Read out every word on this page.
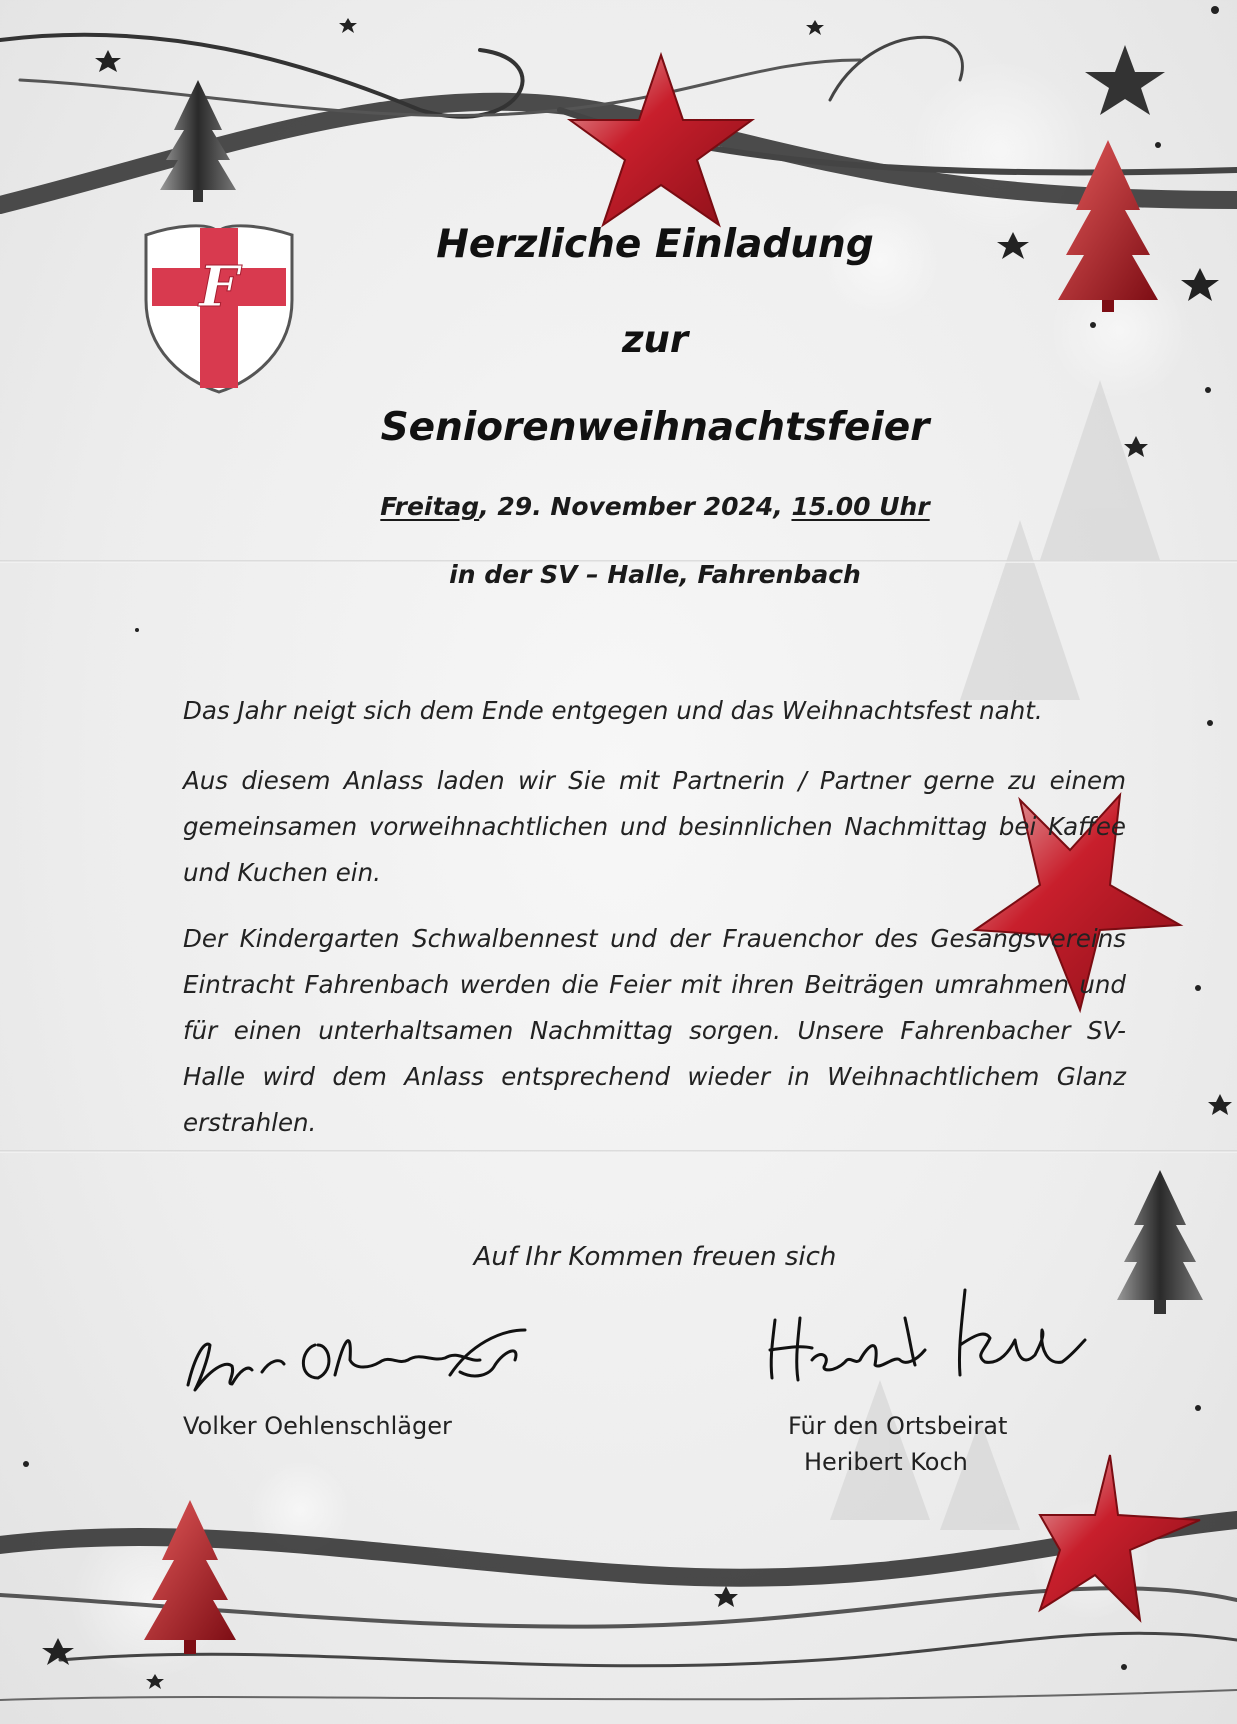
F
Herzliche Einladung
zur
Seniorenweihnachtsfeier
Freitag, 29. November 2024, 15.00 Uhr
in der SV – Halle, Fahrenbach
Das Jahr neigt sich dem Ende entgegen und das Weihnachtsfest naht.
Aus diesem Anlass laden wir Sie mit Partnerin / Partner gerne zu einem gemeinsamen vorweihnachtlichen und besinnlichen Nachmittag bei Kaffee und Kuchen ein.
Der Kindergarten Schwalbennest und der Frauenchor des Gesangsvereins Eintracht Fahrenbach werden die Feier mit ihren Beiträgen umrahmen und für einen unterhaltsamen Nachmittag sorgen. Unsere Fahrenbacher SV-Halle wird dem Anlass entsprechend wieder in Weihnachtlichem Glanz erstrahlen.
Auf Ihr Kommen freuen sich
Volker Oehlenschläger	Für den Ortsbeirat
Heribert Koch
